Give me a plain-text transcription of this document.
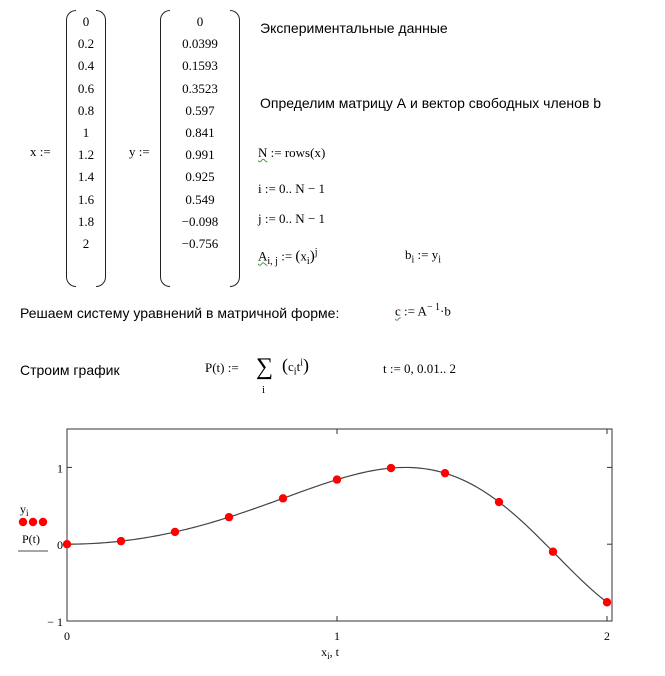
x :=
0
0.2
0.4
0.6
0.8
1
1.2
1.4
1.6
1.8
2
y :=
0
0.0399
0.1593
0.3523
0.597
0.841
0.991
0.925
0.549
−0.098
−0.756
Экспериментальные данные
Определим матрицу А и вектор свободных членов b
N := rows(x)
i := 0.. N − 1
j := 0.. N − 1
$A_{i, j}$ := $(x_i)^j$	$b_i$ := $y_i$
Решаем систему уравнений в матричной форме:	c := $A^{- 1}\cdot b$
Строим график	P(t) := ∑
i
$(c_it^i)$	t := 0, 0.01.. 2
0	1	2
1
0
− 1
$x_i$, t
$y_i$
P(t)
